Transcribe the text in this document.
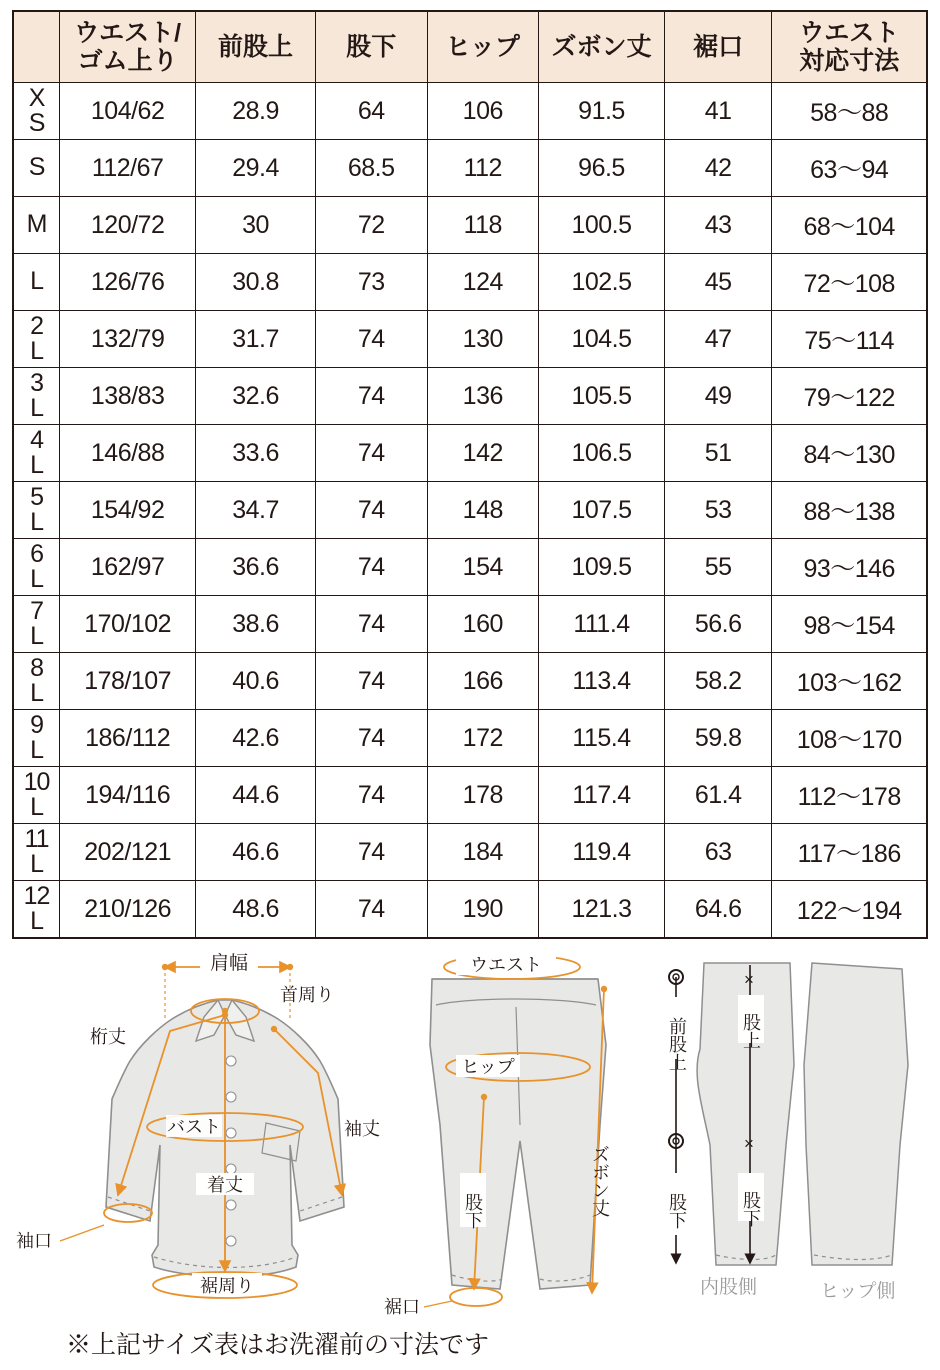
	ウエスト/
ゴム上り	前股上	股下	ヒップ	ズボン丈	裾口	ウエスト
対応寸法

X
S	104/62	28.9	64	106	91.5	41	58〜88

S	112/67	29.4	68.5	112	96.5	42	63〜94

M	120/72	30	72	118	100.5	43	68〜104

L	126/76	30.8	73	124	102.5	45	72〜108

2
L	132/79	31.7	74	130	104.5	47	75〜114

3
L	138/83	32.6	74	136	105.5	49	79〜122

4
L	146/88	33.6	74	142	106.5	51	84〜130

5
L	154/92	34.7	74	148	107.5	53	88〜138

6
L	162/97	36.6	74	154	109.5	55	93〜146

7
L	170/102	38.6	74	160	111.4	56.6	98〜154

8
L	178/107	40.6	74	166	113.4	58.2	103〜162

9
L	186/112	42.6	74	172	115.4	59.8	108〜170

10
L	194/116	44.6	74	178	117.4	61.4	112〜178

11
L	202/121	46.6	74	184	119.4	63	117〜186

12
L	210/126	48.6	74	190	121.3	64.6	122〜194
肩幅
首周り
桁丈
バスト	袖丈
着丈
袖口
裾周り
ウエスト
ヒップ
ズボン丈
股下
裾口
前股上
股下
×
股上
×
股下
内股側	ヒップ側
※上記サイズ表はお洗濯前の寸法です
